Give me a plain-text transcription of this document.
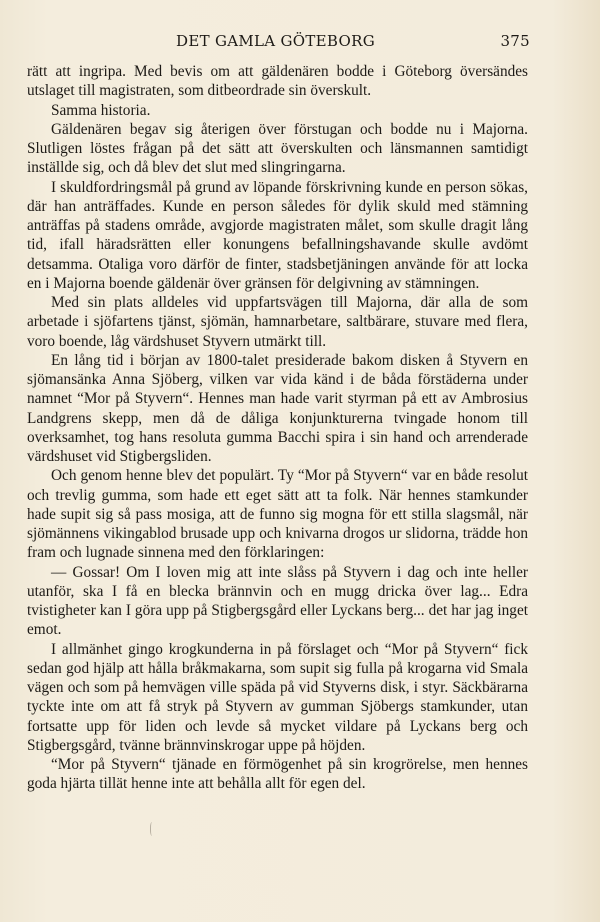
DET GAMLA GÖTEBORG	375

rätt att ingripa. Med bevis om att gäldenären bodde i Göteborg översändes utslaget till magistraten, som ditbeordrade sin överskult.

Samma historia.

Gäldenären begav sig återigen över förstugan och bodde nu i Majorna. Slutligen löstes frågan på det sätt att överskulten och länsmannen samtidigt inställde sig, och då blev det slut med slingringarna.

I skuldfordringsmål på grund av löpande förskrivning kunde en person sökas, där han anträffades. Kunde en person således för dylik skuld med stämning anträffas på stadens område, avgjorde magistraten målet, som skulle dragit lång tid, ifall häradsrätten eller konungens befallningshavande skulle avdömt detsamma. Otaliga voro därför de finter, stadsbetjäningen använde för att locka en i Majorna boende gäldenär över gränsen för delgivning av stämningen.

Med sin plats alldeles vid uppfartsvägen till Majorna, där alla de som arbetade i sjöfartens tjänst, sjömän, hamnarbetare, saltbärare, stuvare med flera, voro boende, låg värdshuset Styvern utmärkt till.

En lång tid i början av 1800-talet presiderade bakom disken å Styvern en sjömansänka Anna Sjöberg, vilken var vida känd i de båda förstäderna under namnet “Mor på Styvern“. Hennes man hade varit styrman på ett av Ambrosius Landgrens skepp, men då de dåliga konjunkturerna tvingade honom till overksamhet, tog hans resoluta gumma Bacchi spira i sin hand och arrenderade värdshuset vid Stigbergsliden.

Och genom henne blev det populärt. Ty “Mor på Styvern“ var en både resolut och trevlig gumma, som hade ett eget sätt att ta folk. När hennes stamkunder hade supit sig så pass mosiga, att de funno sig mogna för ett stilla slagsmål, när sjömännens vikingablod brusade upp och knivarna drogos ur slidorna, trädde hon fram och lugnade sinnena med den förklaringen:

— Gossar! Om I loven mig att inte slåss på Styvern i dag och inte heller utanför, ska I få en blecka brännvin och en mugg dricka över lag... Edra tvistigheter kan I göra upp på Stigbergsgård eller Lyckans berg... det har jag inget emot.

I allmänhet gingo krogkunderna in på förslaget och “Mor på Styvern“ fick sedan god hjälp att hålla bråkmakarna, som supit sig fulla på krogarna vid Smala vägen och som på hemvägen ville späda på vid Styverns disk, i styr. Säckbärarna tyckte inte om att få stryk på Styvern av gumman Sjöbergs stamkunder, utan fortsatte upp för liden och levde så mycket vildare på Lyckans berg och Stigbergsgård, tvänne brännvinskrogar uppe på höjden.

“Mor på Styvern“ tjänade en förmögenhet på sin krogrörelse, men hennes goda hjärta tillät henne inte att behålla allt för egen del.
